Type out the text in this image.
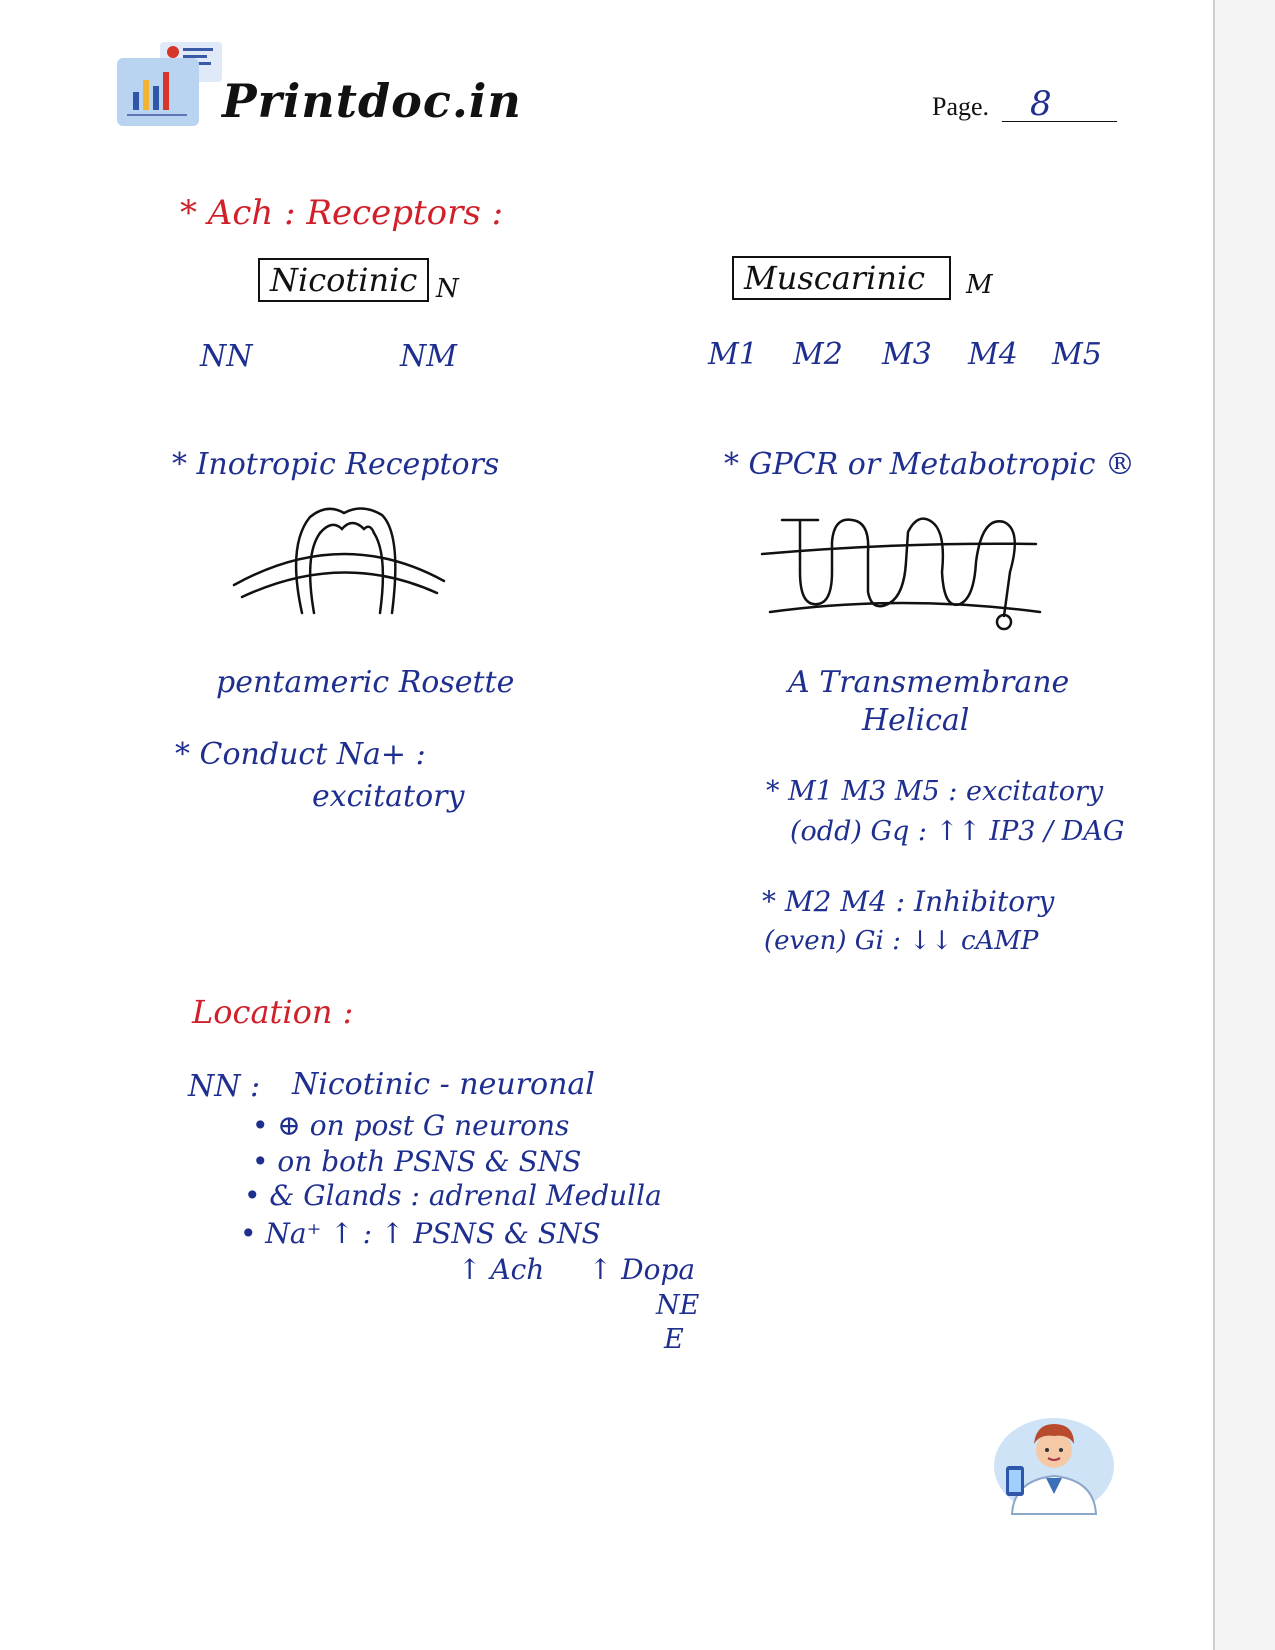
Printdoc.in	Page. 8
* Ach : Receptors :
Nicotinic N
NN	NM
* Inotropic Receptors
pentameric Rosette
* Conduct Na+ :
excitatory
Muscarinic	M
M1 M2 M3 M4 M5
* GPCR or Metabotropic ®
A Transmembrane
Helical
* M1 M3 M5 : excitatory
(odd) Gq : ↑↑ IP3 / DAG
* M2 M4 : Inhibitory
(even) Gi : ↓↓ cAMP
Location :
NN : Nicotinic - neuronal
• ⊕ on post G neurons
• on both PSNS & SNS
• & Glands : adrenal Medulla
• Na⁺ ↑ : ↑ PSNS & SNS
↑ Ach     ↑ Dopa
NE
E
